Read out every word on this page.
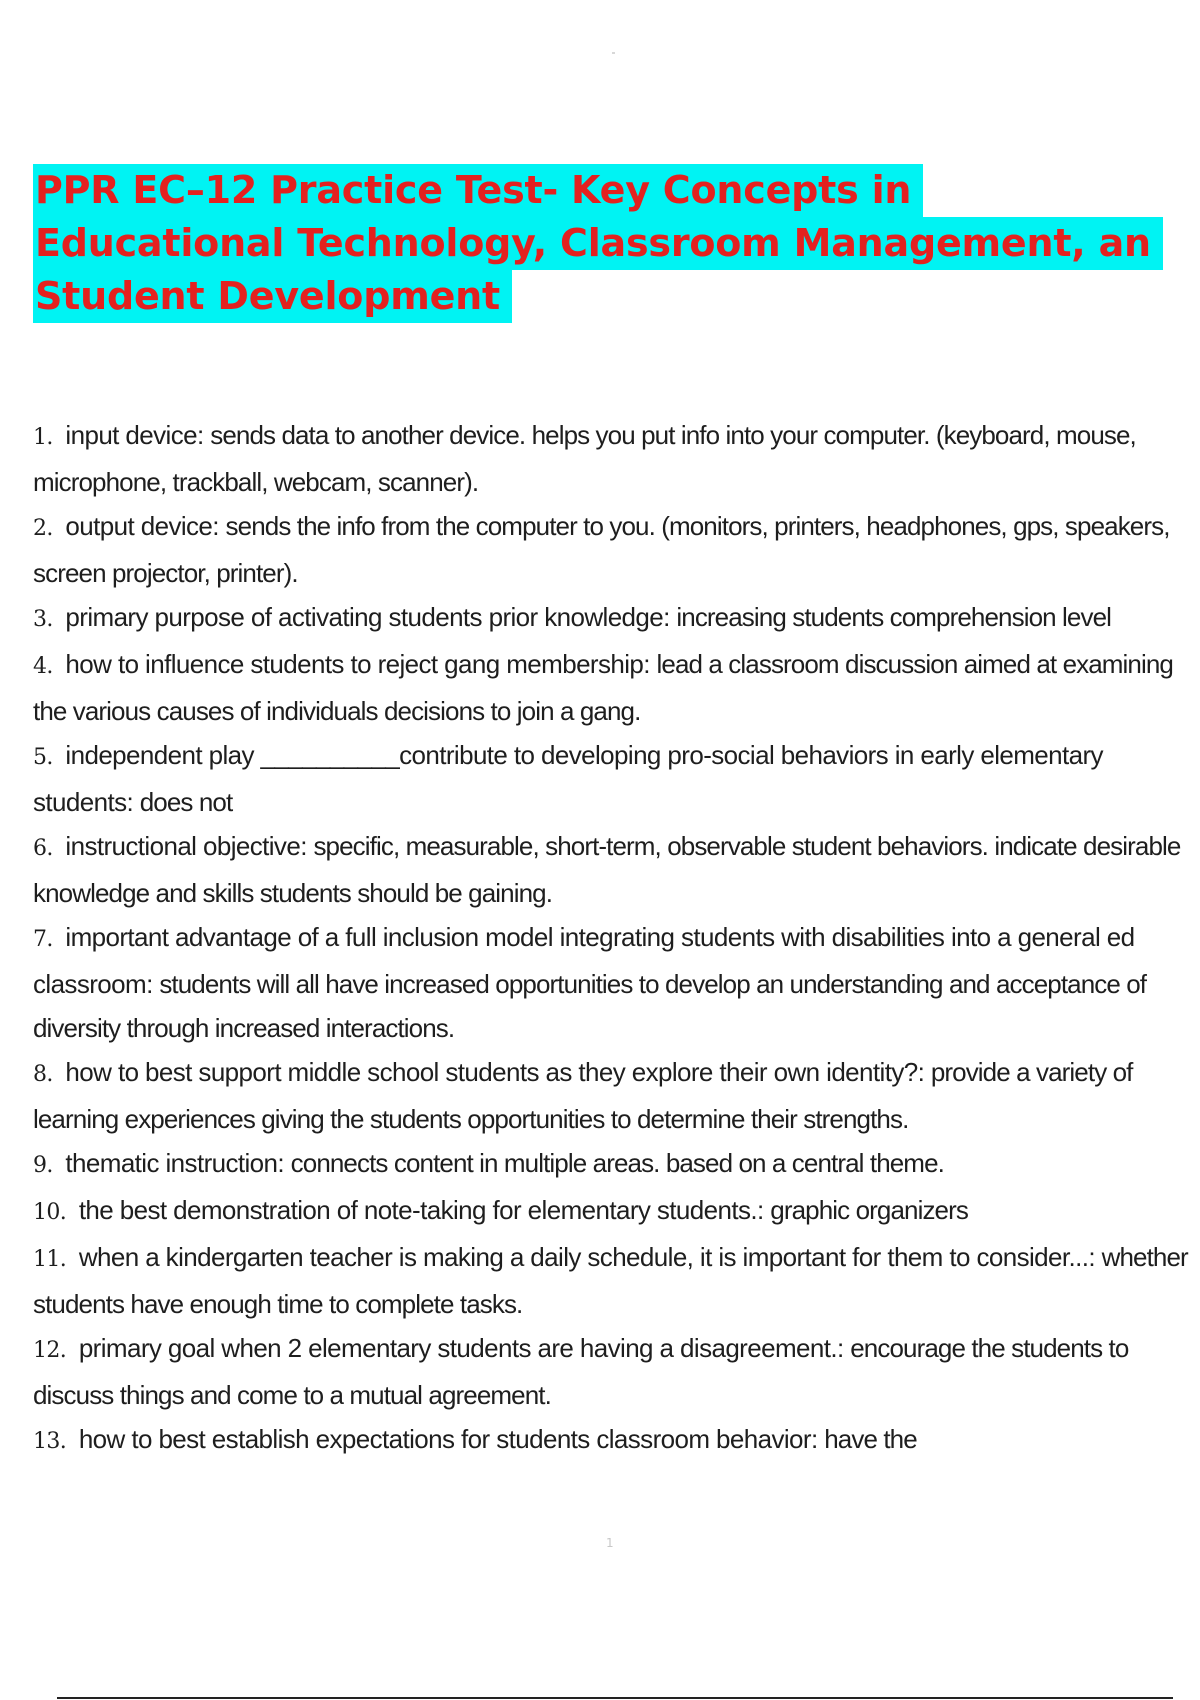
PPR EC–12 Practice Test- Key Concepts in
Educational Technology, Classroom Management, an
Student Development
1. input device: sends data to another device. helps you put info into your computer. (keyboard, mouse, microphone, trackball, webcam, scanner).
2. output device: sends the info from the computer to you. (monitors, printers, headphones, gps, speakers, screen projector, printer).
3. primary purpose of activating students prior knowledge: increasing students comprehension level
4. how to influence students to reject gang membership: lead a classroom discussion aimed at examining the various causes of individuals decisions to join a gang.
5. independent play __________contribute to developing pro-social behaviors in early elementary students: does not
6. instructional objective: specific, measurable, short-term, observable student behaviors. indicate desirable knowledge and skills students should be gaining.
7. important advantage of a full inclusion model integrating students with disabilities into a general ed classroom: students will all have increased opportunities to develop an understanding and acceptance of diversity through increased interactions.
8. how to best support middle school students as they explore their own identity?: provide a variety of learning experiences giving the students opportunities to determine their strengths.
9. thematic instruction: connects content in multiple areas. based on a central theme.
10. the best demonstration of note-taking for elementary students.: graphic organizers
11. when a kindergarten teacher is making a daily schedule, it is important for them to consider...: whether students have enough time to complete tasks.
12. primary goal when 2 elementary students are having a disagreement.: encourage the students to discuss things and come to a mutual agreement.
13. how to best establish expectations for students classroom behavior: have the
1
